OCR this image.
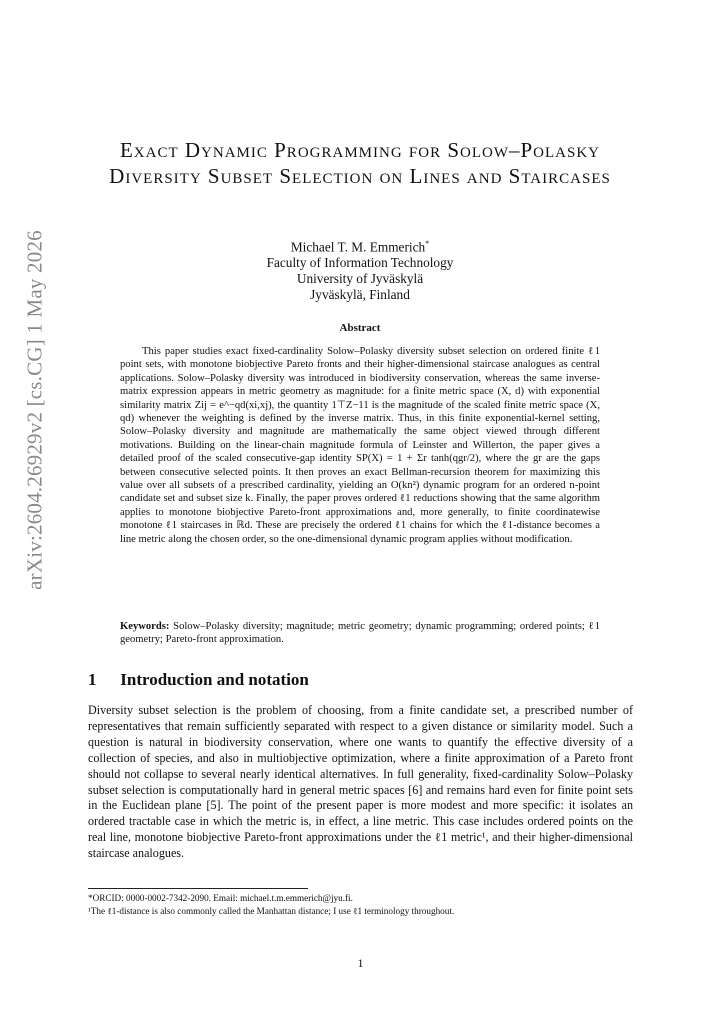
arXiv:2604.26929v2 [cs.CG] 1 May 2026
Exact Dynamic Programming for Solow–Polasky
Diversity Subset Selection on Lines and Staircases
Michael T. M. Emmerich*
Faculty of Information Technology
University of Jyväskylä
Jyväskylä, Finland
Abstract

This paper studies exact fixed-cardinality Solow–Polasky diversity subset selection on ordered finite ℓ1 point sets, with monotone biobjective Pareto fronts and their higher-dimensional staircase analogues as central applications. Solow–Polasky diversity was introduced in biodiversity conservation, whereas the same inverse-matrix expression appears in metric geometry as magnitude: for a finite metric space (X, d) with exponential similarity matrix Zij = e^−qd(xi,xj), the quantity 1⊤Z−11 is the magnitude of the scaled finite metric space (X, qd) whenever the weighting is defined by the inverse matrix. Thus, in this finite exponential-kernel setting, Solow–Polasky diversity and magnitude are mathematically the same object viewed through different motivations. Building on the linear-chain magnitude formula of Leinster and Willerton, the paper gives a detailed proof of the scaled consecutive-gap identity SP(X) = 1 + Σr tanh(qgr/2), where the gr are the gaps between consecutive selected points. It then proves an exact Bellman-recursion theorem for maximizing this value over all subsets of a prescribed cardinality, yielding an O(kn²) dynamic program for an ordered n-point candidate set and subset size k. Finally, the paper proves ordered ℓ1 reductions showing that the same algorithm applies to monotone biobjective Pareto-front approximations and, more generally, to finite coordinatewise monotone ℓ1 staircases in ℝd. These are precisely the ordered ℓ1 chains for which the ℓ1-distance becomes a line metric along the chosen order, so the one-dimensional dynamic program applies without modification.

Keywords: Solow–Polasky diversity; magnitude; metric geometry; dynamic programming; ordered points; ℓ1 geometry; Pareto-front approximation.

1 Introduction and notation

Diversity subset selection is the problem of choosing, from a finite candidate set, a prescribed number of representatives that remain sufficiently separated with respect to a given distance or similarity model. Such a question is natural in biodiversity conservation, where one wants to quantify the effective diversity of a collection of species, and also in multiobjective optimization, where a finite approximation of a Pareto front should not collapse to several nearly identical alternatives. In full generality, fixed-cardinality Solow–Polasky subset selection is computationally hard in general metric spaces [6] and remains hard even for finite point sets in the Euclidean plane [5]. The point of the present paper is more modest and more specific: it isolates an ordered tractable case in which the metric is, in effect, a line metric. This case includes ordered points on the real line, monotone biobjective Pareto-front approximations under the ℓ1 metric¹, and their higher-dimensional staircase analogues.

*ORCID: 0000-0002-7342-2090. Email: michael.t.m.emmerich@jyu.fi.

¹The ℓ1-distance is also commonly called the Manhattan distance; I use ℓ1 terminology throughout.

1
